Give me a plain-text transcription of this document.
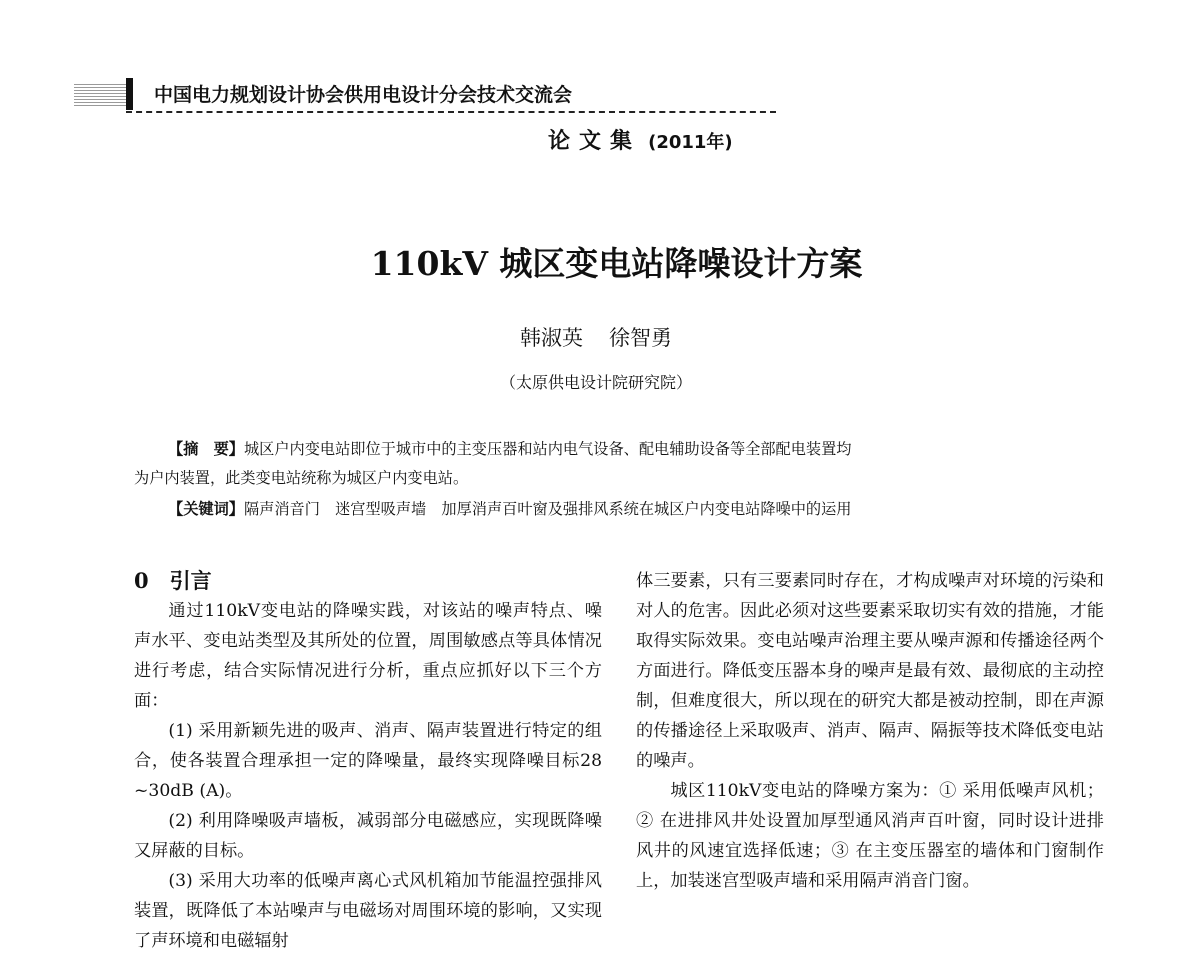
中国电力规划设计协会供用电设计分会技术交流会
论文集 (2011年)
110kV 城区变电站降噪设计方案
韩淑英 徐智勇
（太原供电设计院研究院）
【摘　要】城区户内变电站即位于城市中的主变压器和站内电气设备、配电辅助设备等全部配电装置均
为户内装置，此类变电站统称为城区户内变电站。
【关键词】隔声消音门　迷宫型吸声墙　加厚消声百叶窗及强排风系统在城区户内变电站降噪中的运用
0　引言

通过110kV变电站的降噪实践，对该站的噪声特点、噪声水平、变电站类型及其所处的位置，周围敏感点等具体情况进行考虑，结合实际情况进行分析，重点应抓好以下三个方面：

(1) 采用新颖先进的吸声、消声、隔声装置进行特定的组合，使各装置合理承担一定的降噪量，最终实现降噪目标28 ~30dB (A)。

(2) 利用降噪吸声墙板，减弱部分电磁感应，实现既降噪又屏蔽的目标。

(3) 采用大功率的低噪声离心式风机箱加节能温控强排风装置，既降低了本站噪声与电磁场对周围环境的影响，又实现了声环境和电磁辐射

体三要素，只有三要素同时存在，才构成噪声对环境的污染和对人的危害。因此必须对这些要素采取切实有效的措施，才能取得实际效果。变电站噪声治理主要从噪声源和传播途径两个方面进行。降低变压器本身的噪声是最有效、最彻底的主动控制，但难度很大，所以现在的研究大都是被动控制，即在声源的传播途径上采取吸声、消声、隔声、隔振等技术降低变电站的噪声。

城区110kV变电站的降噪方案为：① 采用低噪声风机；② 在进排风井处设置加厚型通风消声百叶窗，同时设计进排风井的风速宜选择低速；③ 在主变压器室的墙体和门窗制作上，加装迷宫型吸声墙和采用隔声消音门窗。
